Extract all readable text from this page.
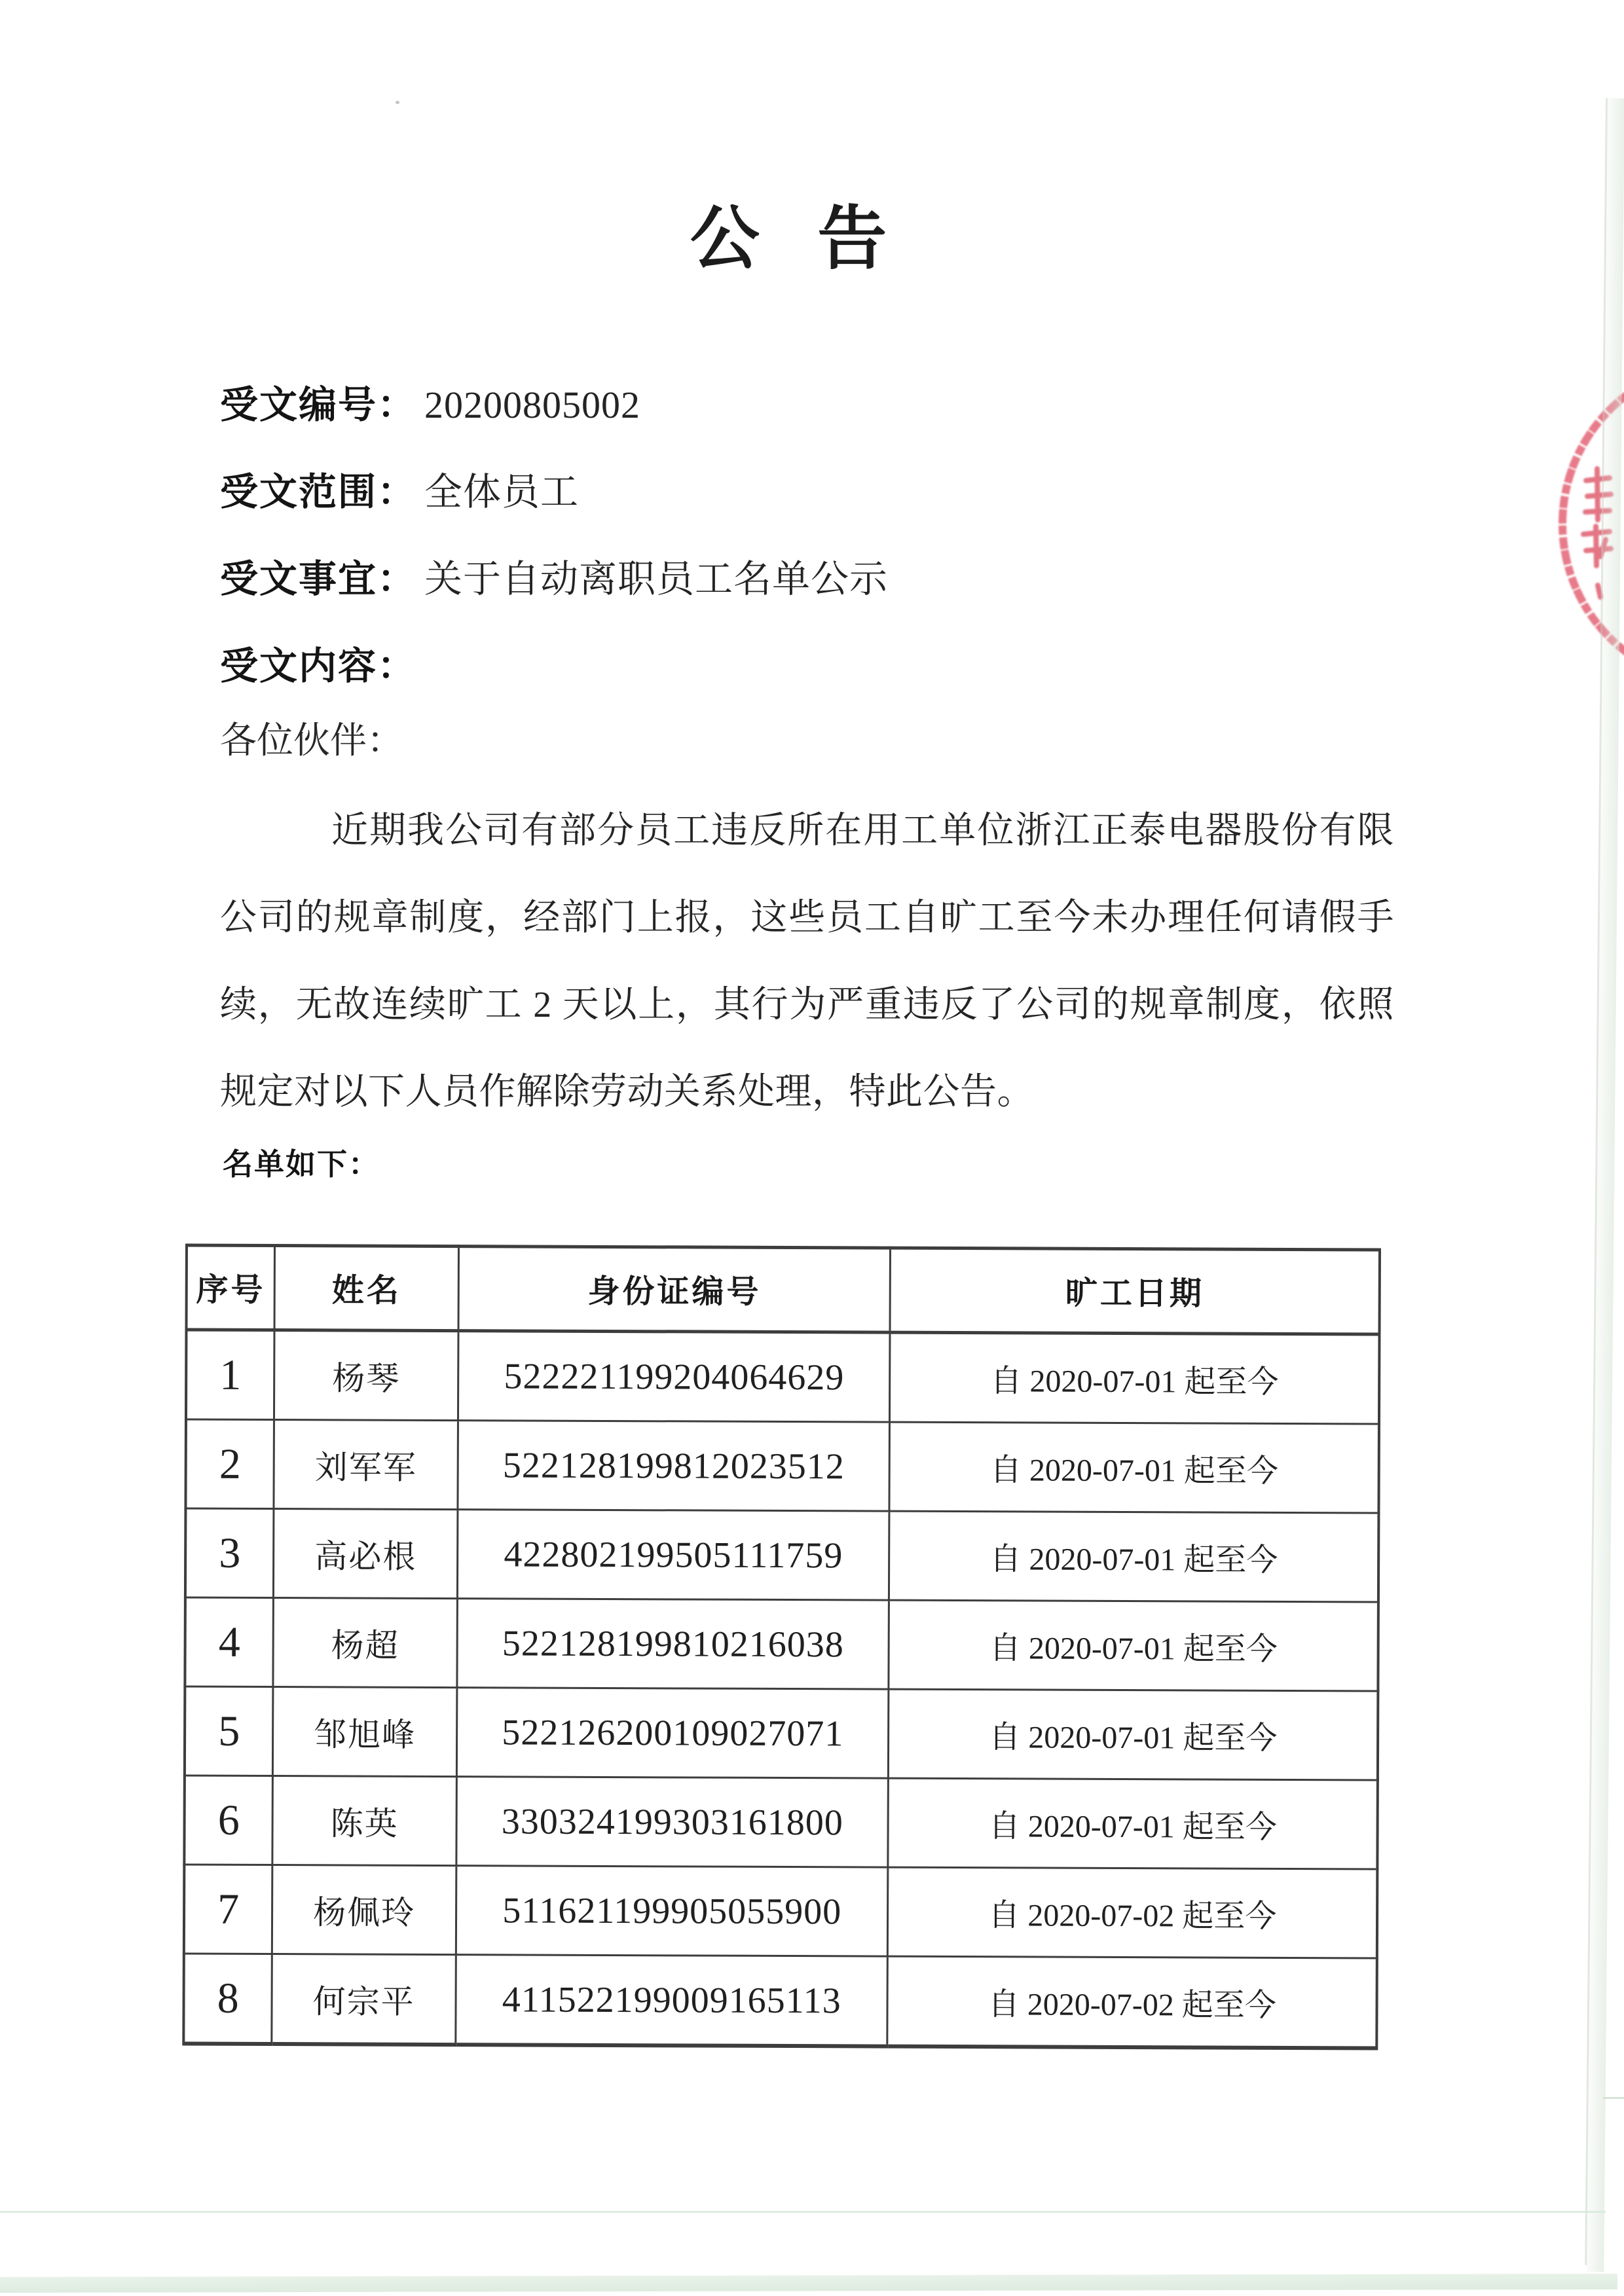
公 告
受文编号： 20200805002
受文范围： 全体员工
受文事宜： 关于自动离职员工名单公示
受文内容：
各位伙伴：

近期我公司有部分员工违反所在用工单位浙江正泰电器股份有限公司的规章制度，经部门上报，这些员工自旷工至今未办理任何请假手续，无故连续旷工 2 天以上，其行为严重违反了公司的规章制度，依照规定对以下人员作解除劳动关系处理，特此公告。

名单如下：
序号	姓名	身份证编号	旷工日期
1	杨琴	522221199204064629	自 2020-07-01 起至今
2	刘军军	522128199812023512	自 2020-07-01 起至今
3	高必根	422802199505111759	自 2020-07-01 起至今
4	杨超	522128199810216038	自 2020-07-01 起至今
5	邹旭峰	522126200109027071	自 2020-07-01 起至今
6	陈英	330324199303161800	自 2020-07-01 起至今
7	杨佩玲	511621199905055900	自 2020-07-02 起至今
8	何宗平	411522199009165113	自 2020-07-02 起至今
